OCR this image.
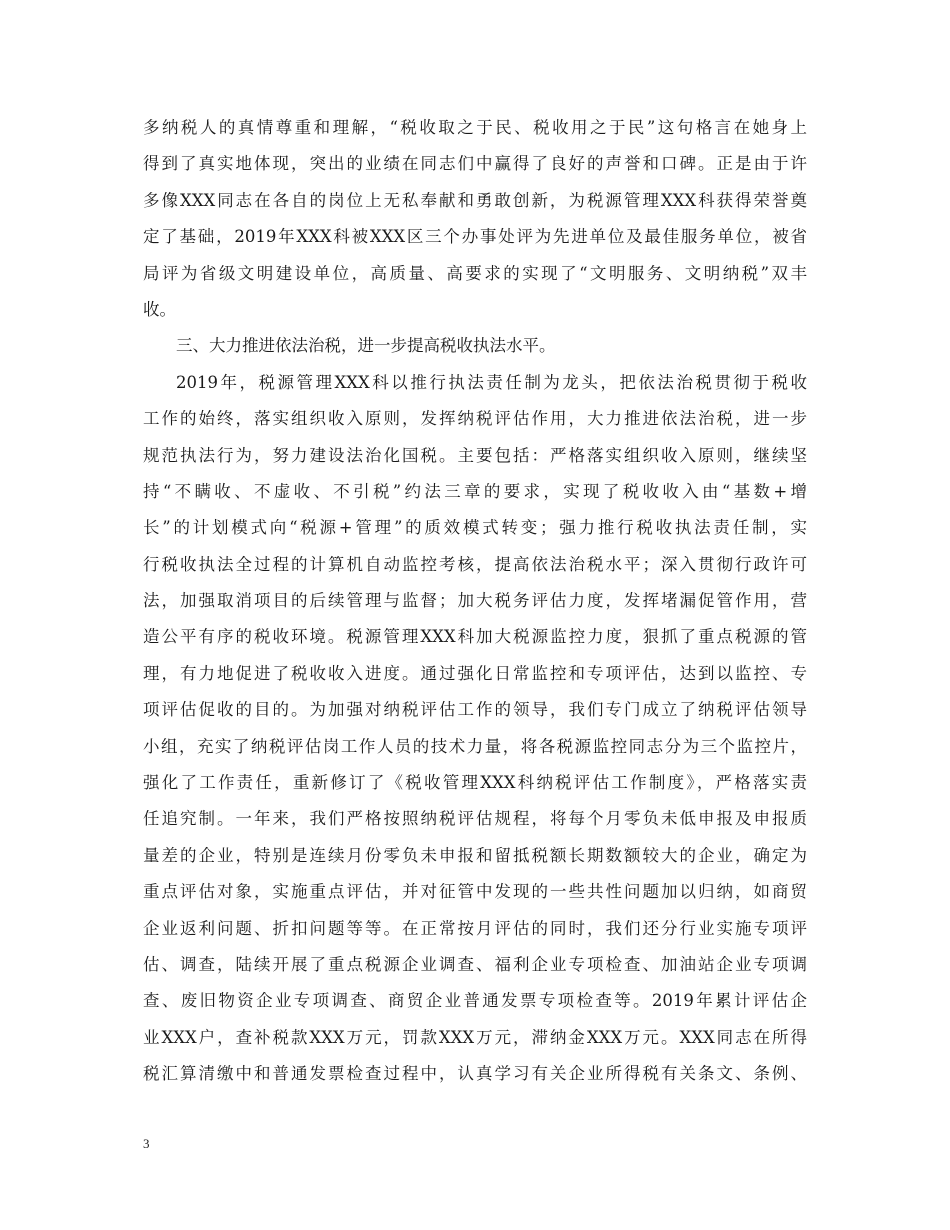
多纳税人的真情尊重和理解，“税收取之于民、税收用之于民”这句格言在她身上
得到了真实地体现，突出的业绩在同志们中赢得了良好的声誉和口碑。正是由于许
多像XXX同志在各自的岗位上无私奉献和勇敢创新，为税源管理XXX科获得荣誉奠
定了基础，2019年XXX科被XXX区三个办事处评为先进单位及最佳服务单位，被省
局评为省级文明建设单位，高质量、高要求的实现了“文明服务、文明纳税”双丰
收。
三、大力推进依法治税，进一步提高税收执法水平。
2019年，税源管理XXX科以推行执法责任制为龙头，把依法治税贯彻于税收
工作的始终，落实组织收入原则，发挥纳税评估作用，大力推进依法治税，进一步
规范执法行为，努力建设法治化国税。主要包括：严格落实组织收入原则，继续坚
持“不瞒收、不虚收、不引税”约法三章的要求，实现了税收收入由“基数+增
长”的计划模式向“税源+管理”的质效模式转变；强力推行税收执法责任制，实
行税收执法全过程的计算机自动监控考核，提高依法治税水平；深入贯彻行政许可
法，加强取消项目的后续管理与监督；加大税务评估力度，发挥堵漏促管作用，营
造公平有序的税收环境。税源管理XXX科加大税源监控力度，狠抓了重点税源的管
理，有力地促进了税收收入进度。通过强化日常监控和专项评估，达到以监控、专
项评估促收的目的。为加强对纳税评估工作的领导，我们专门成立了纳税评估领导
小组，充实了纳税评估岗工作人员的技术力量，将各税源监控同志分为三个监控片，
强化了工作责任，重新修订了《税收管理XXX科纳税评估工作制度》，严格落实责
任追究制。一年来，我们严格按照纳税评估规程，将每个月零负未低申报及申报质
量差的企业，特别是连续月份零负未申报和留抵税额长期数额较大的企业，确定为
重点评估对象，实施重点评估，并对征管中发现的一些共性问题加以归纳，如商贸
企业返利问题、折扣问题等等。在正常按月评估的同时，我们还分行业实施专项评
估、调查，陆续开展了重点税源企业调查、福利企业专项检查、加油站企业专项调
查、废旧物资企业专项调查、商贸企业普通发票专项检查等。2019年累计评估企
业XXX户，查补税款XXX万元，罚款XXX万元，滞纳金XXX万元。XXX同志在所得
税汇算清缴中和普通发票检查过程中，认真学习有关企业所得税有关条文、条例、
3
